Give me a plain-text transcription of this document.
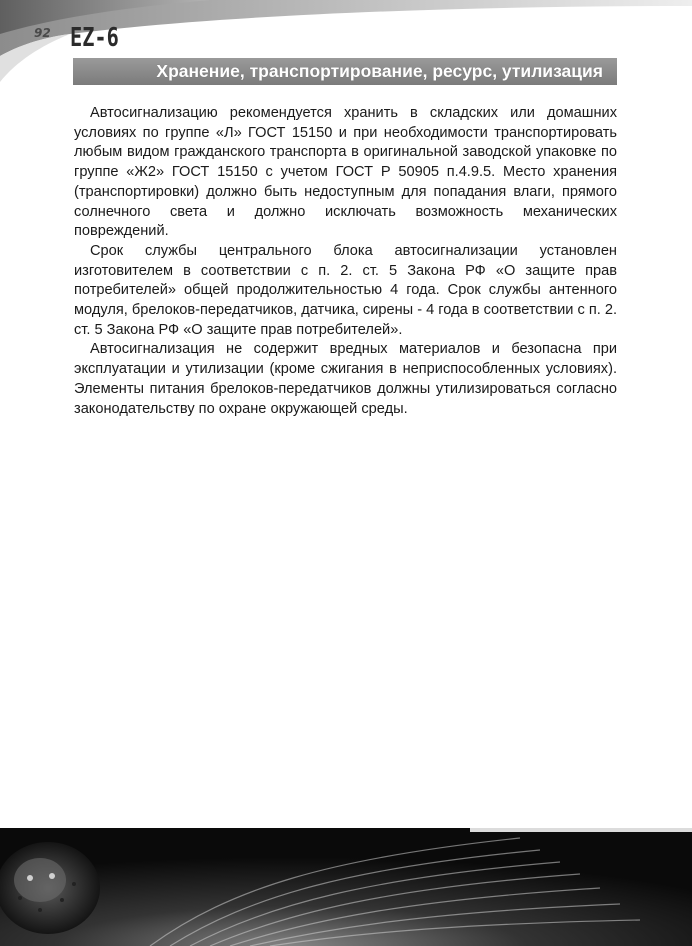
92 EZ-6
Хранение, транспортирование, ресурс, утилизация

Автосигнализацию рекомендуется хранить в складских или домашних условиях по группе «Л» ГОСТ 15150 и при необходимости транспортировать любым видом гражданского транспорта в оригинальной заводской упаковке по группе «Ж2» ГОСТ 15150 с учетом ГОСТ Р 50905 п.4.9.5. Место хранения (транспортировки) должно быть недоступным для попадания влаги, прямого солнечного света и должно исключать возможность механических повреждений.

Срок службы центрального блока автосигнализации установлен изготовителем в соответствии с п. 2. ст. 5 Закона РФ «О защите прав потребителей» общей продолжительностью 4 года. Срок службы антенного модуля, брелоков-передатчиков, датчика, сирены - 4 года в соответствии с п. 2. ст. 5 Закона РФ «О защите прав потребителей».

Автосигнализация не содержит вредных материалов и безопасна при эксплуатации и утилизации (кроме сжигания в неприспособленных условиях). Элементы питания брелоков-передатчиков должны утилизироваться согласно законодательству по охране окружающей среды.
